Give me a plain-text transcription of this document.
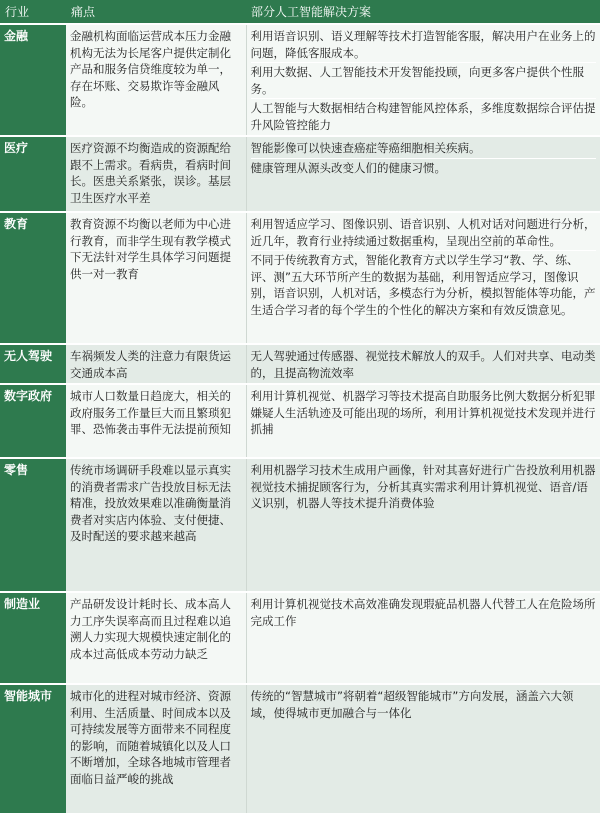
行业	痛点	部分人工智能解决方案
金融	金融机构面临运营成本压力金融机构无法为长尾客户提供定制化产品和服务信贷维度较为单一，存在坏账、交易欺诈等金融风险。	利用语音识别、语义理解等技术打造智能客服，解决用户在业务上的问题，降低客服成本。

利用大数据、人工智能技术开发智能投顾，向更多客户提供个性服务。

人工智能与大数据相结合构建智能风控体系，多维度数据综合评估提升风险管控能力

医疗	医疗资源不均衡造成的资源配给跟不上需求。看病贵，看病时间长。医患关系紧张，误诊。基层卫生医疗水平差	智能影像可以快速查癌症等癌细胞相关疾病。

健康管理从源头改变人们的健康习惯。

教育	教育资源不均衡以老师为中心进行教育，而非学生现有教学模式下无法针对学生具体学习问题提供一对一教育	利用智适应学习、图像识别、语音识别、人机对话对问题进行分析，近几年，教育行业持续通过数据重构，呈现出空前的革命性。

不同于传统教育方式，智能化教育方式以学生学习“教、学、练、评、测”五大环节所产生的数据为基础，利用智适应学习，图像识别，语音识别，人机对话，多模态行为分析，模拟智能体等功能，产生适合学习者的每个学生的个性化的解决方案和有效反馈意见。

无人驾驶	车祸频发人类的注意力有限货运交通成本高	无人驾驶通过传感器、视觉技术解放人的双手。人们对共享、电动类的，且提高物流效率

数字政府	城市人口数量日趋庞大，相关的政府服务工作量巨大而且繁琐犯罪、恐怖袭击事件无法提前预知	利用计算机视觉、机器学习等技术提高自助服务比例大数据分析犯罪嫌疑人生活轨迹及可能出现的场所，利用计算机视觉技术发现并进行抓捕

零售	传统市场调研手段难以显示真实的消费者需求广告投放目标无法精准，投放效果难以准确衡量消费者对实店内体验、支付便捷、及时配送的要求越来越高	利用机器学习技术生成用户画像，针对其喜好进行广告投放利用机器视觉技术捕捉顾客行为，分析其真实需求利用计算机视觉、语音/语义识别，机器人等技术提升消费体验

制造业	产品研发设计耗时长、成本高人力工序失误率高而且过程难以追溯人力实现大规模快速定制化的成本过高低成本劳动力缺乏	利用计算机视觉技术高效准确发现瑕疵品机器人代替工人在危险场所完成工作

智能城市	城市化的进程对城市经济、资源利用、生活质量、时间成本以及可持续发展等方面带来不同程度的影响，而随着城镇化以及人口不断增加，全球各地城市管理者面临日益严峻的挑战	传统的“智慧城市”将朝着“超级智能城市”方向发展，涵盖六大领域，使得城市更加融合与一体化
